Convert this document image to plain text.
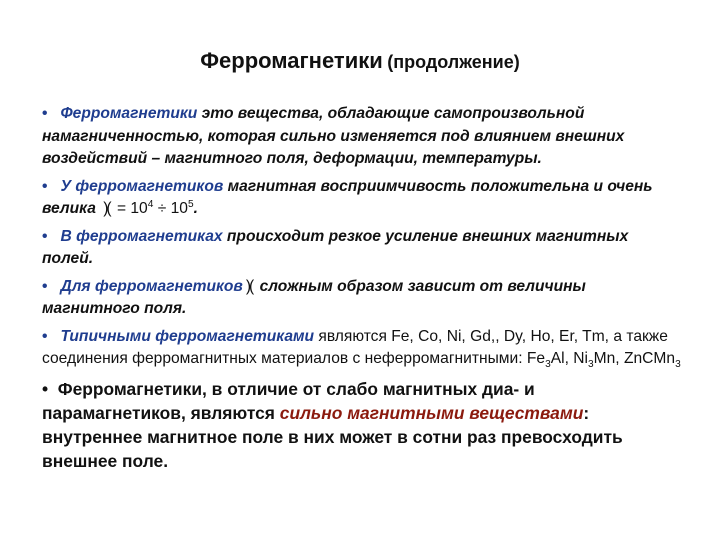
Ферромагнетики (продолжение)

• Ферромагнетики это вещества, обладающие самопроизвольной намагниченностью, которая сильно изменяется под влиянием внешних воздействий – магнитного поля, деформации, температуры.

• У ферромагнетиков магнитная восприимчивость положительна и очень велика )( = $10^4 \div 10^5$.

• В ферромагнетиках происходит резкое усиление внешних магнитных полей.

• Для ферромагнетиков )( сложным образом зависит от величины магнитного поля.

• Типичными ферромагнетиками являются Fe, Co, Ni, Gd,, Dy, Ho, Er, Tm, а также соединения ферромагнитных материалов с неферромагнитными: $Fe_3Al$, $Ni_3Mn$, ZnCMn$_3$

• Ферромагнетики, в отличие от слабо магнитных диа- и парамагнетиков, являются сильно магнитными веществами: внутреннее магнитное поле в них может в сотни раз превосходить внешнее поле.
